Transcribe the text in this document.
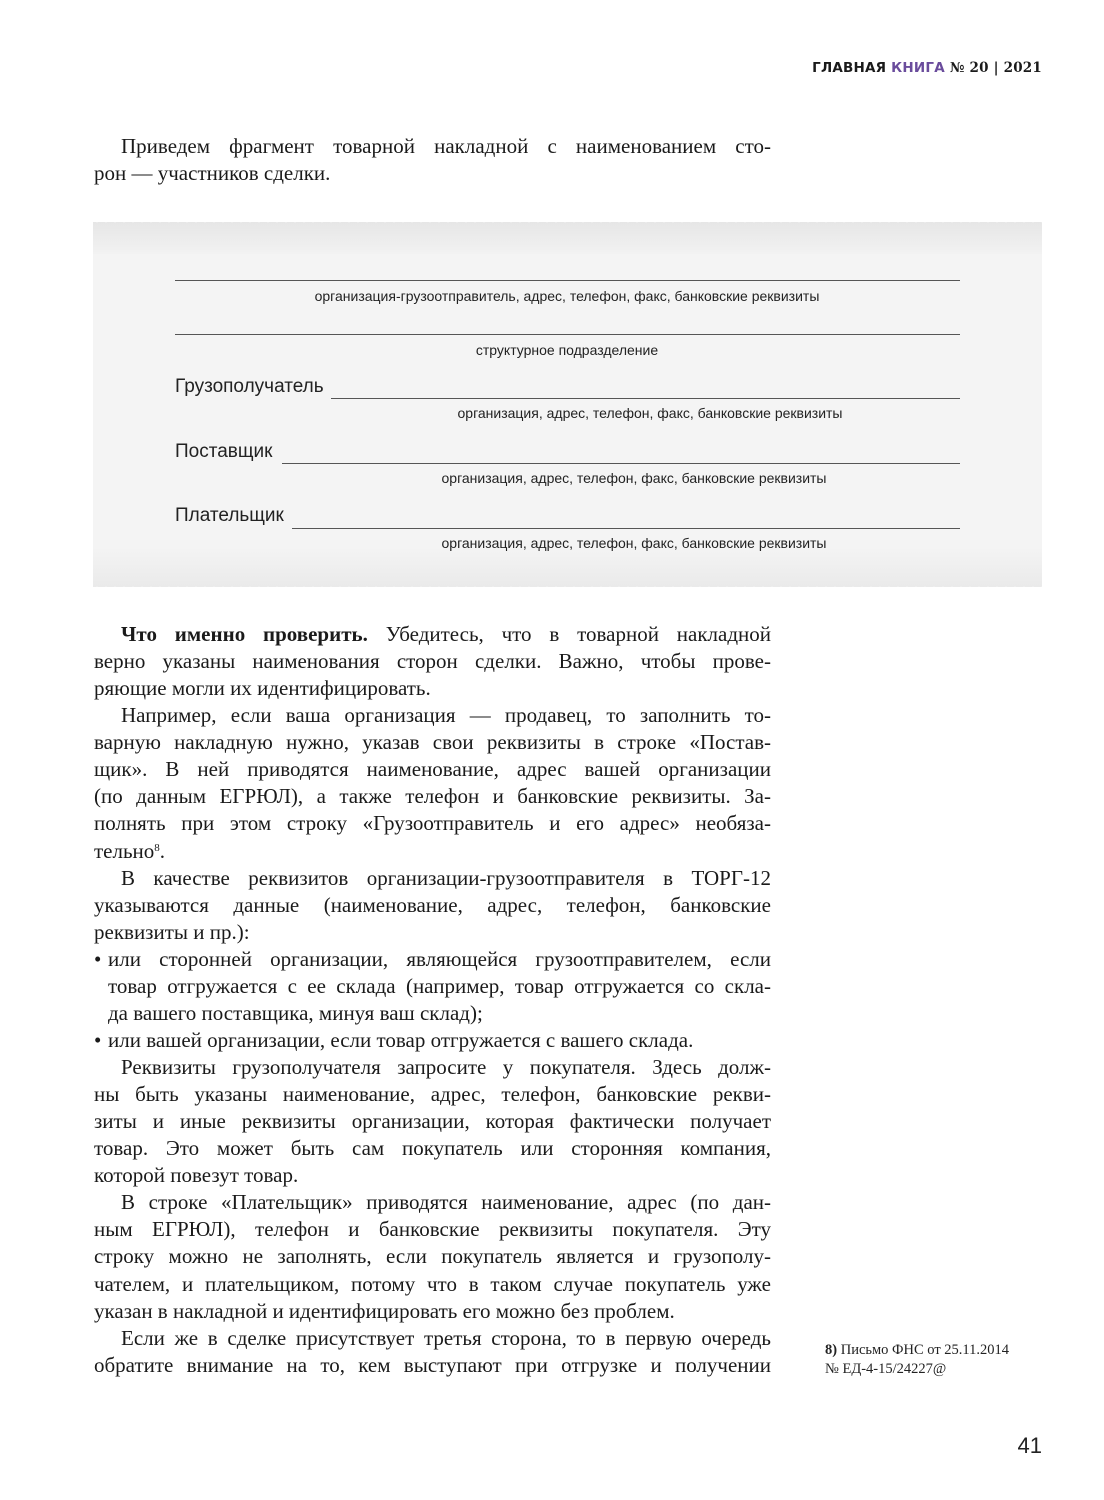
ГЛАВНАЯ КНИГА № 20 | 2021
Приведем фрагмент товарной накладной с наименованием сто-
рон — участников сделки.
организация-грузоотправитель, адрес, телефон, факс, банковские реквизиты
структурное подразделение
Грузополучатель
организация, адрес, телефон, факс, банковские реквизиты
Поставщик
организация, адрес, телефон, факс, банковские реквизиты
Плательщик
организация, адрес, телефон, факс, банковские реквизиты
Что именно проверить. Убедитесь, что в товарной накладной
верно указаны наименования сторон сделки. Важно, чтобы прове-
ряющие могли их идентифицировать.
Например, если ваша организация — продавец, то заполнить то-
варную накладную нужно, указав свои реквизиты в строке «Постав-
щик». В ней приводятся наименование, адрес вашей организации
(по данным ЕГРЮЛ), а также телефон и банковские реквизиты. За-
полнять при этом строку «Грузоотправитель и его адрес» необяза-
тельно$^8$.
В качестве реквизитов организации-грузоотправителя в ТОРГ-12
указываются данные (наименование, адрес, телефон, банковские
реквизиты и пр.):
• или сторонней организации, являющейся грузоотправителем, если
товар отгружается с ее склада (например, товар отгружается со скла-
да вашего поставщика, минуя ваш склад);
• или вашей организации, если товар отгружается с вашего склада.
Реквизиты грузополучателя запросите у покупателя. Здесь долж-
ны быть указаны наименование, адрес, телефон, банковские рекви-
зиты и иные реквизиты организации, которая фактически получает
товар. Это может быть сам покупатель или сторонняя компания,
которой повезут товар.
В строке «Плательщик» приводятся наименование, адрес (по дан-
ным ЕГРЮЛ), телефон и банковские реквизиты покупателя. Эту
строку можно не заполнять, если покупатель является и грузополу-
чателем, и плательщиком, потому что в таком случае покупатель уже
указан в накладной и идентифицировать его можно без проблем.
Если же в сделке присутствует третья сторона, то в первую очередь
обратите внимание на то, кем выступают при отгрузке и получении
8) Письмо ФНС от 25.11.2014
№ ЕД-4-15/24227@
41
